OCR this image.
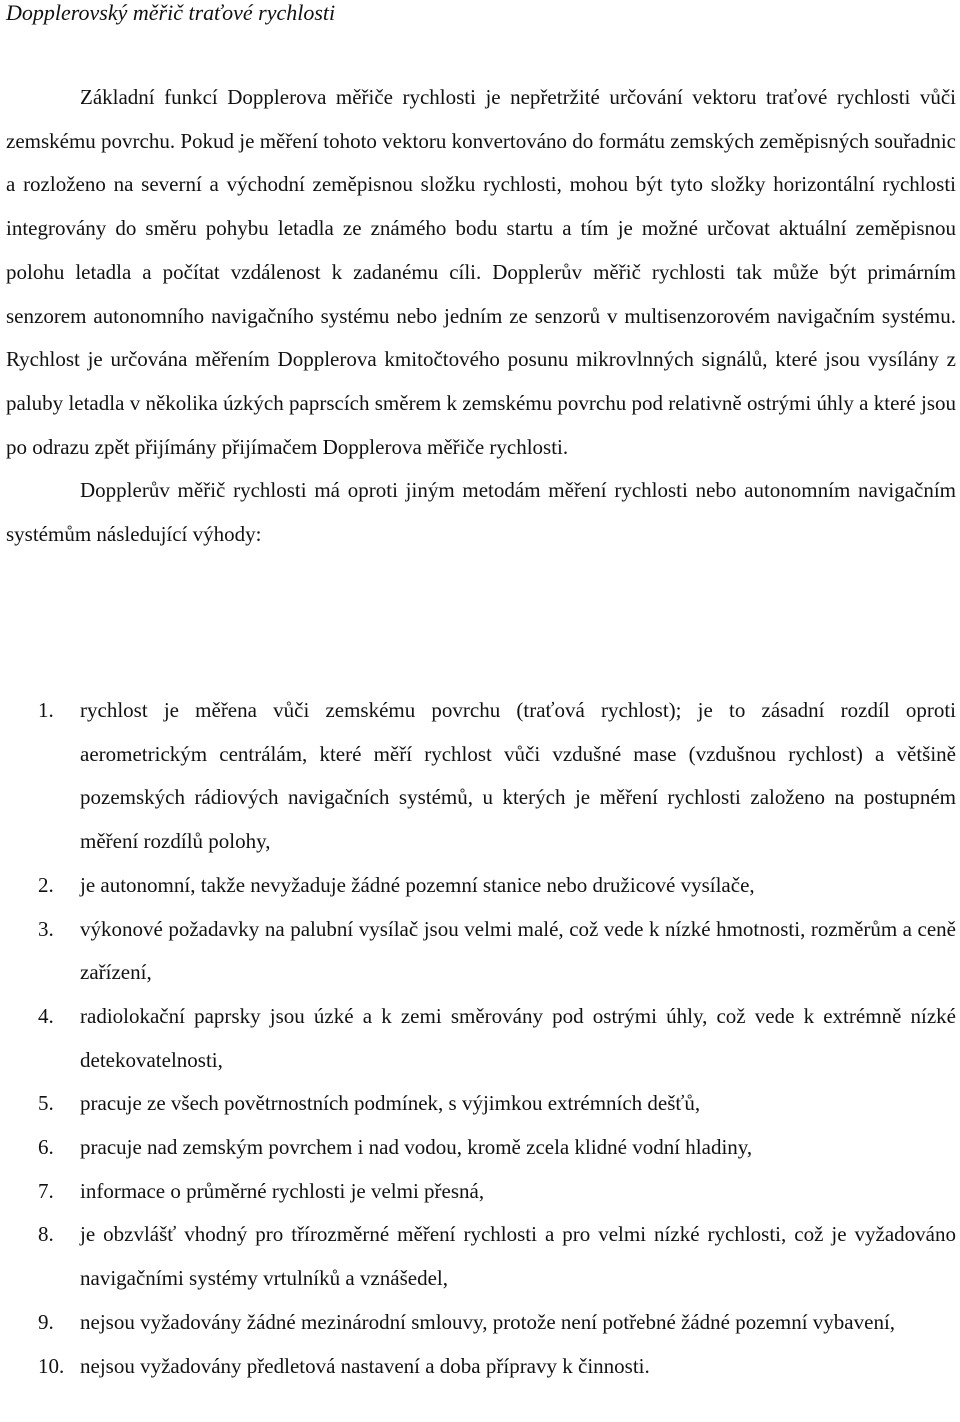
Dopplerovský měřič traťové rychlosti

Základní funkcí Dopplerova měřiče rychlosti je nepřetržité určování vektoru traťové rychlosti vůči zemskému povrchu. Pokud je měření tohoto vektoru konvertováno do formátu zemských zeměpisných souřadnic a rozloženo na severní a východní zeměpisnou složku rychlosti, mohou být tyto složky horizontální rychlosti integrovány do směru pohybu letadla ze známého bodu startu a tím je možné určovat aktuální zeměpisnou polohu letadla a počítat vzdálenost k zadanému cíli. Dopplerův měřič rychlosti tak může být primárním senzorem autonomního navigačního systému nebo jedním ze senzorů v multisenzorovém navigačním systému. Rychlost je určována měřením Dopplerova kmitočtového posunu mikrovlnných signálů, které jsou vysílány z paluby letadla v několika úzkých paprscích směrem k zemskému povrchu pod relativně ostrými úhly a které jsou po odrazu zpět přijímány přijímačem Dopplerova měřiče rychlosti.

Dopplerův měřič rychlosti má oproti jiným metodám měření rychlosti nebo autonomním navigačním systémům následující výhody:

1.	rychlost je měřena vůči zemskému povrchu (traťová rychlost); je to zásadní rozdíl oproti aerometrickým centrálám, které měří rychlost vůči vzdušné mase (vzdušnou rychlost) a většině pozemských rádiových navigačních systémů, u kterých je měření rychlosti založeno na postupném měření rozdílů polohy,
2.	je autonomní, takže nevyžaduje žádné pozemní stanice nebo družicové vysílače,
3.	výkonové požadavky na palubní vysílač jsou velmi malé, což vede k nízké hmotnosti, rozměrům a ceně zařízení,
4.	radiolokační paprsky jsou úzké a k zemi směrovány pod ostrými úhly, což vede k extrémně nízké detekovatelnosti,
5.	pracuje ze všech povětrnostních podmínek, s výjimkou extrémních dešťů,
6.	pracuje nad zemským povrchem i nad vodou, kromě zcela klidné vodní hladiny,
7.	informace o průměrné rychlosti je velmi přesná,
8.	je obzvlášť vhodný pro třírozměrné měření rychlosti a pro velmi nízké rychlosti, což je vyžadováno navigačními systémy vrtulníků a vznášedel,
9.	nejsou vyžadovány žádné mezinárodní smlouvy, protože není potřebné žádné pozemní vybavení,
10. nejsou vyžadovány předletová nastavení a doba přípravy k činnosti.
